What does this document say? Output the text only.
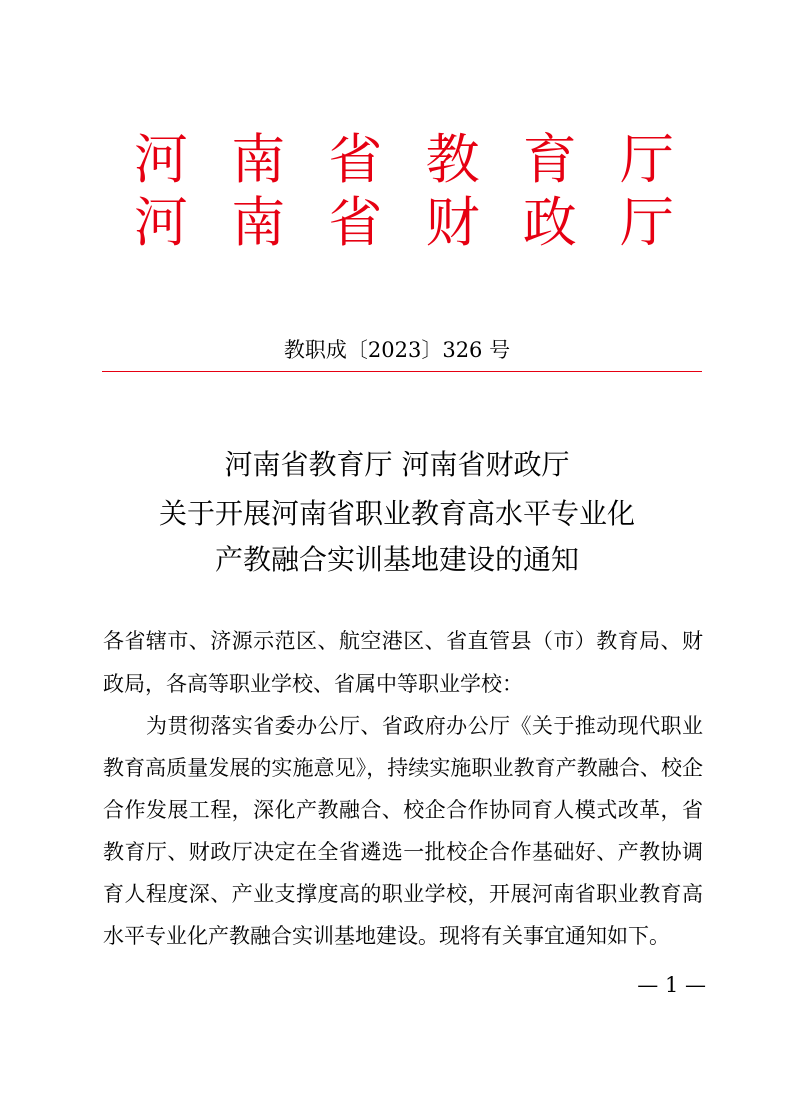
河 南 省 教 育 厅
河 南 省 财 政 厅
教职成〔2023〕326 号
河南省教育厅 河南省财政厅
关于开展河南省职业教育高水平专业化
产教融合实训基地建设的通知
各省辖市、济源示范区、航空港区、省直管县（市）教育局、财
政局，各高等职业学校、省属中等职业学校：
为贯彻落实省委办公厅、省政府办公厅《关于推动现代职业
教育高质量发展的实施意见》，持续实施职业教育产教融合、校企
合作发展工程，深化产教融合、校企合作协同育人模式改革，省
教育厅、财政厅决定在全省遴选一批校企合作基础好、产教协调
育人程度深、产业支撑度高的职业学校，开展河南省职业教育高
水平专业化产教融合实训基地建设。现将有关事宜通知如下。
— 1 —
